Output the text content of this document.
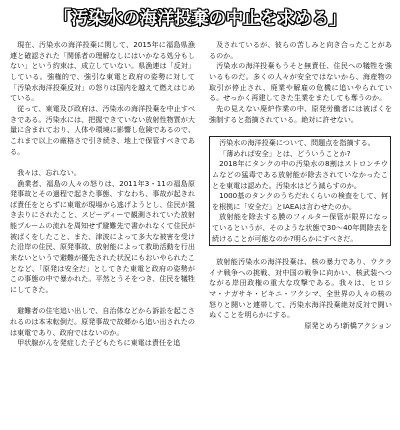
「汚染水の海洋投棄の中止を求める」

現在、汚染水の海洋投棄に関して、2015年に福島県漁連と確認された「関係者の理解なしにはいかなる処分もしない」という約束は、成立していない。県漁連は「反対」している。強権的で、強引な東電と政府の姿勢に対して「汚染水海洋投棄反対」の怒りは国内を越えて燃えはじめている。

従って、東電及び政府は、汚染水の海洋投棄を中止すべきである。汚染水には、把握できていない放射性物質が大量に含まれており、人体や環境に影響し危険であるので、これまで以上の厳格さで引き続き、地上で保管すべきである。

我々は、忘れない。

漁業者、福島の人々の怒りは、2011年3・11の福島原発事故とその過程で起きた事態、すなわち、事故が起きれば責任をとらずに東電が現場から逃げようとし、住民が置き去りにされたこと、スピーディーで観測されていた放射能プルームの流れを周知せず避難先で書かれなくて住民が被ばくをしたこと、また、津波によって多大な被害を受けた沿岸の住民、原発事故、放射能によって救助活動を行出来ないというで避難が優先された状況にもおいやられたことなど、「原発は安全だ」としてきた東電と政府の姿勢がこの事態の中で暴かれた。平然とうそをつき、住民を犠牲にしてきた。

避難者の住宅追い出しで、自治体などから訴訟を起こされるのは本末転倒だ。原発事故で故郷から追い出されたのは東電であり、政府ではないのか。

甲状腺がんを発症した子どもたちに東電は責任を追

及されているが、彼らの苦しみと向き合ったことがあるのか。

汚染水の海洋投棄もうそと無責任、住民への犠牲を強いるものだ。多くの人々が安全ではないから、海産物の取引が停止され、廃業や解雇の危機に追いやられている。せっかく再建してきた生業をまたしても奪うのか。

先の見えない廃炉作業の中、原発労働者には被ばくを強制すると指摘されている。絶対に許せない。

汚染水の海洋投棄について、問題点を指摘する。

「薄めれば安全」とは、どういうことか?

2018年にタンクの中の汚染水の8割はストロンチウムなどの猛毒である放射能が除去されていなかったことを東電は認めた。汚染水はどう減らすのか。

1000基のタンクのうちだれくらいの検査をして、何を根拠に「安全だ」とIAEAは言わせたのか。

放射能を除去する膜のフィルター保管が限界になっているというが、そのような状態で30～40年間除去を続けることが可能なのか?明らかにすべきだ。

放射能汚染水の海洋投棄は、核の暴力であり、ウクライナ戦争への挑戦、対中国の戦争に向かい、核武装へつながる岸田政権の重大な攻撃である。我々は、ヒロシマ・ナガサキ・ビキニ・フクシマ、全世界の人々の核の怒りと闘いと連帯して、汚染水海洋投棄絶対反対で闘いぬくことを明らかにする。

原発とめろ!新橋アクション
